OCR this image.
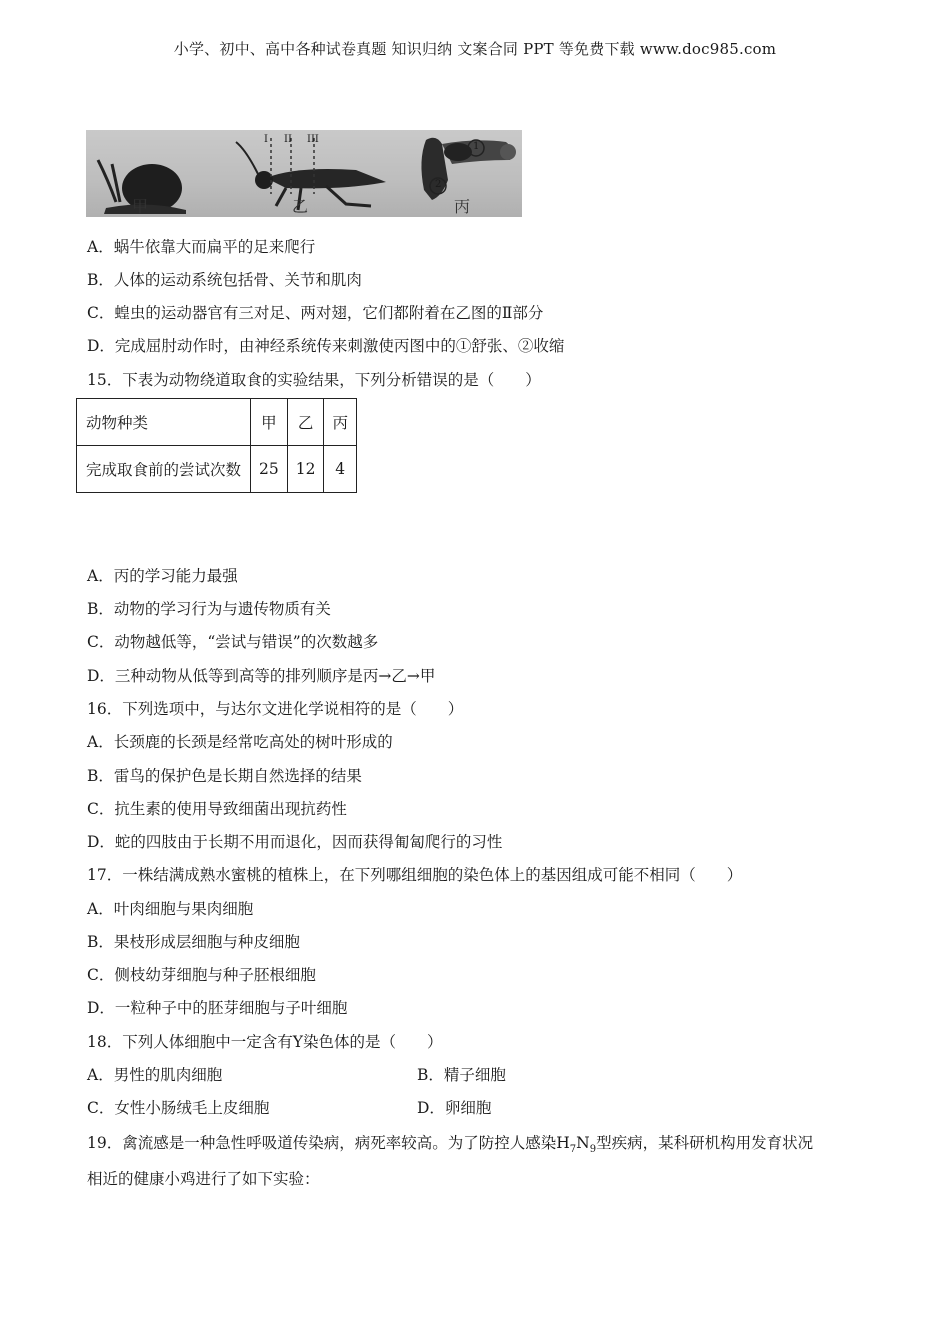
小学、初中、高中各种试卷真题 知识归纳 文案合同 PPT 等免费下载 www.doc985.com
I II III
1
2
甲	乙	丙
A．蜗牛依靠大而扁平的足来爬行
B．人体的运动系统包括骨、关节和肌肉
C．蝗虫的运动器官有三对足、两对翅，它们都附着在乙图的Ⅱ部分
D．完成屈肘动作时，由神经系统传来刺激使丙图中的①舒张、②收缩
15．下表为动物绕道取食的实验结果，下列分析错误的是（　　）
动物种类	甲	乙	丙
完成取食前的尝试次数	25	12	4
A．丙的学习能力最强
B．动物的学习行为与遗传物质有关
C．动物越低等，“尝试与错误”的次数越多
D．三种动物从低等到高等的排列顺序是丙→乙→甲
16．下列选项中，与达尔文进化学说相符的是（　　）
A．长颈鹿的长颈是经常吃高处的树叶形成的
B．雷鸟的保护色是长期自然选择的结果
C．抗生素的使用导致细菌出现抗药性
D．蛇的四肢由于长期不用而退化，因而获得匍匐爬行的习性
17．一株结满成熟水蜜桃的植株上，在下列哪组细胞的染色体上的基因组成可能不相同（　　）
A．叶肉细胞与果肉细胞
B．果枝形成层细胞与种皮细胞
C．侧枝幼芽细胞与种子胚根细胞
D．一粒种子中的胚芽细胞与子叶细胞
18．下列人体细胞中一定含有Y染色体的是（　　）
A．男性的肌肉细胞	B．精子细胞
C．女性小肠绒毛上皮细胞	D．卵细胞
19．禽流感是一种急性呼吸道传染病，病死率较高。为了防控人感染$H_7N_9$型疾病，某科研机构用发育状况
相近的健康小鸡进行了如下实验：
